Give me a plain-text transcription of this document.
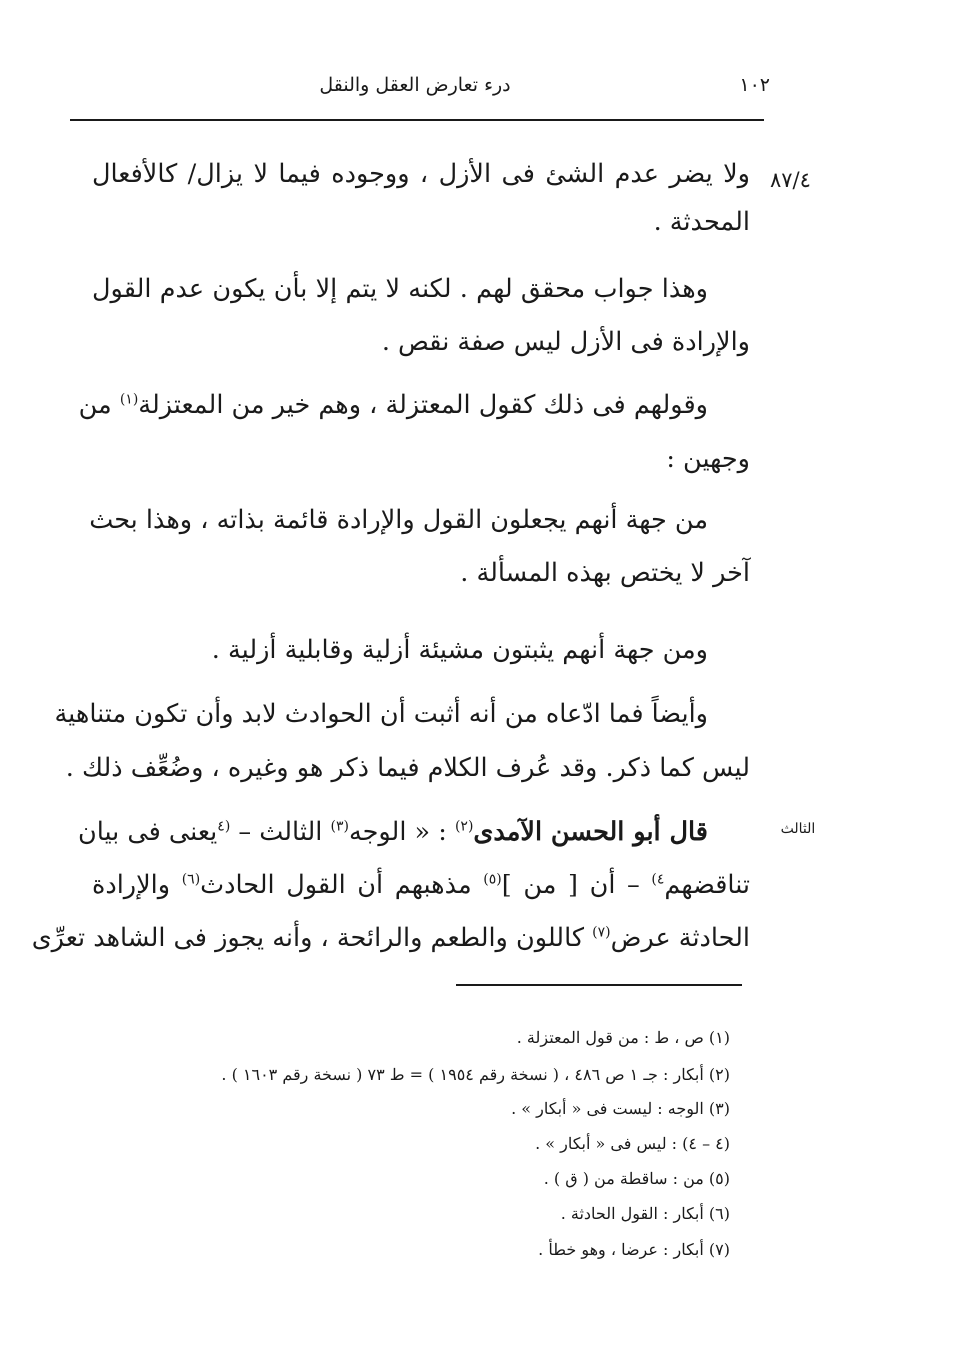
١٠٢
درء تعارض العقل والنقل
٨٧/٤
الثالث
ولا يضر عدم الشئ فى الأزل ، ووجوده فيما لا يزال/ كالأفعال
المحدثة .
وهذا جواب محقق لهم . لكنه لا يتم إلا بأن يكون عدم القول
والإرادة فى الأزل ليس صفة نقص .
وقولهم فى ذلك كقول المعتزلة ، وهم خير من المعتزلة$^{(١)}$ من
وجهين :
من جهة أنهم يجعلون القول والإرادة قائمة بذاته ، وهذا بحث
آخر لا يختص بهذه المسألة .
ومن جهة أنهم يثبتون مشيئة أزلية وقابلية أزلية .
وأيضاً فما ادّعاه من أنه أثبت أن الحوادث لابد وأن تكون متناهية
ليس كما ذكر. وقد عُرف الكلام فيما ذكر هو وغيره ، وضُعِّف ذلك .
قال أبو الحسن الآمدى$^{(٢)}$ : « الوجه$^{(٣)}$ الثالث – $^{(٤}$يعنى فى بيان
تناقضهم$^{٤)}$ – أن [ من ]$^{(٥)}$ مذهبهم أن القول الحادث$^{(٦)}$ والإرادة
الحادثة عرض$^{(٧)}$ كاللون والطعم والرائحة ، وأنه يجوز فى الشاهد تعرِّى
(١) ص ، ط : من قول المعتزلة .
(٢) أبكار : جـ ١ ص ٤٨٦ ، ( نسخة رقم ١٩٥٤ ) = ط ٧٣ ( نسخة رقم ١٦٠٣ ) .
(٣) الوجه : ليست فى « أبكار » .
(٤ – ٤) : ليس فى « أبكار » .
(٥) من : ساقطة من ( ق ) .
(٦) أبكار : القول الحادثة .
(٧) أبكار : عرضا ، وهو خطأ .
